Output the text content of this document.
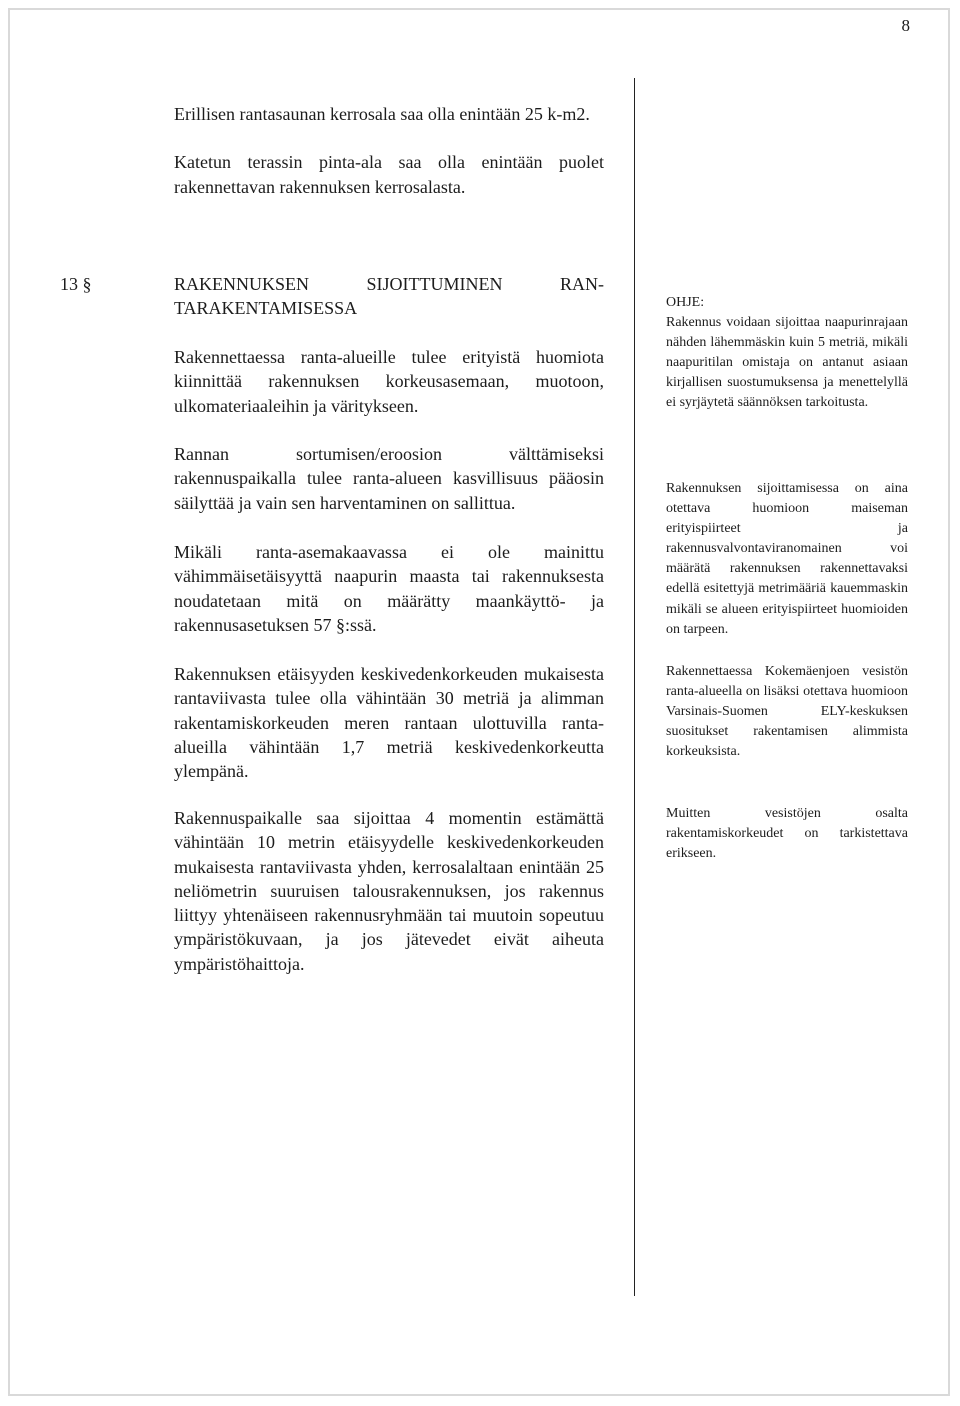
8

Erillisen rantasaunan kerrosala saa olla enintään 25 k-m2.

Katetun terassin pinta-ala saa olla enintään puolet rakennettavan rakennuksen kerrosalasta.

13 §	RAKENNUKSEN SIJOITTUMINEN RAN-
TARAKENTAMISESSA

Rakennettaessa ranta-alueille tulee erityistä huomiota kiinnittää rakennuksen korkeusasemaan, muotoon, ulkomateriaaleihin ja väritykseen.

Rannan sortumisen/eroosion välttämiseksi rakennuspaikalla tulee ranta-alueen kasvillisuus pääosin säilyttää ja vain sen harventaminen on sallittua.

Mikäli ranta-asemakaavassa ei ole mainittu vähimmäisetäisyyttä naapurin maasta tai rakennuksesta noudatetaan mitä on määrätty maankäyttö- ja rakennusasetuksen 57 §:ssä.

Rakennuksen etäisyyden keskivedenkorkeuden mukaisesta rantaviivasta tulee olla vähintään 30 metriä ja alimman rakentamiskorkeuden meren rantaan ulottuvilla ranta-alueilla vähintään 1,7 metriä keskivedenkorkeutta ylempänä.

Rakennuspaikalle saa sijoittaa 4 momentin estämättä vähintään 10 metrin etäisyydelle keskivedenkorkeuden mukaisesta rantaviivasta yhden, kerrosalaltaan enintään 25 neliömetrin suuruisen talousrakennuksen, jos rakennus liittyy yhtenäiseen rakennusryhmään tai muutoin sopeutuu ympäristökuvaan, ja jos jätevedet eivät aiheuta ympäristöhaittoja.

OHJE:

Rakennus voidaan sijoittaa naapurinrajaan nähden lähemmäskin kuin 5 metriä, mikäli naapuritilan omistaja on antanut asiaan kirjallisen suostumuksensa ja menettelyllä ei syrjäytetä säännöksen tarkoitusta.

Rakennuksen sijoittamisessa on aina otettava huomioon maiseman erityispiirteet ja rakennusvalvontaviranomainen voi määrätä rakennuksen rakennettavaksi edellä esitettyjä metrimääriä kauemmaskin mikäli se alueen erityispiirteet huomioiden on tarpeen.

Rakennettaessa Kokemäenjoen vesistön ranta-alueella on lisäksi otettava huomioon Varsinais-Suomen ELY-keskuksen suositukset rakentamisen alimmista korkeuksista.

Muitten vesistöjen osalta rakentamiskorkeudet on tarkistettava erikseen.
